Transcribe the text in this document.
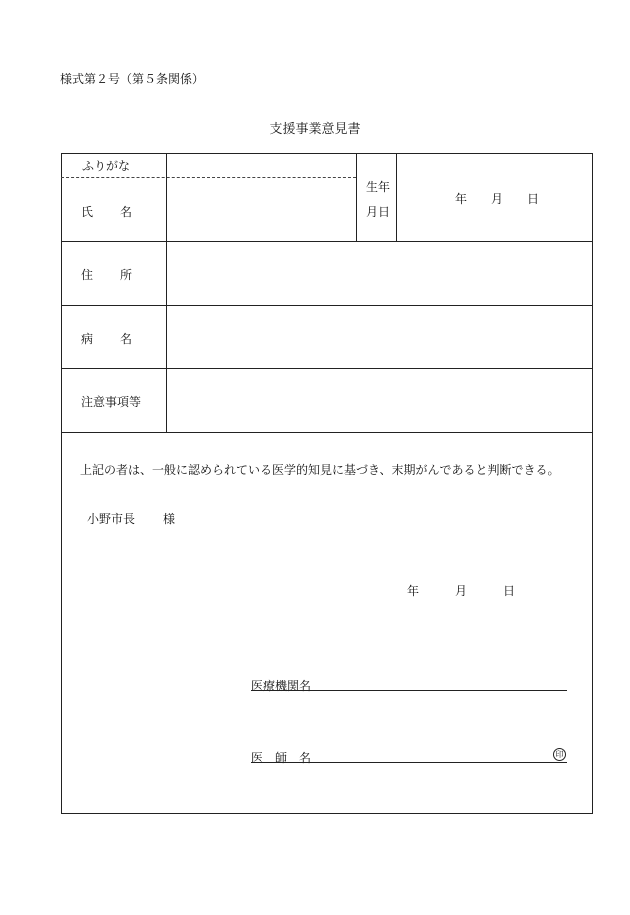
様式第２号（第５条関係）
支援事業意見書
ふりがな
氏名
生年
月日
年　　月　　日
住所
病名
注意事項等
上記の者は、一般に認められている医学的知見に基づき、末期がんであると判断できる。
小野市長 様
年　　　月　　　日
医療機関名
医師名	印
